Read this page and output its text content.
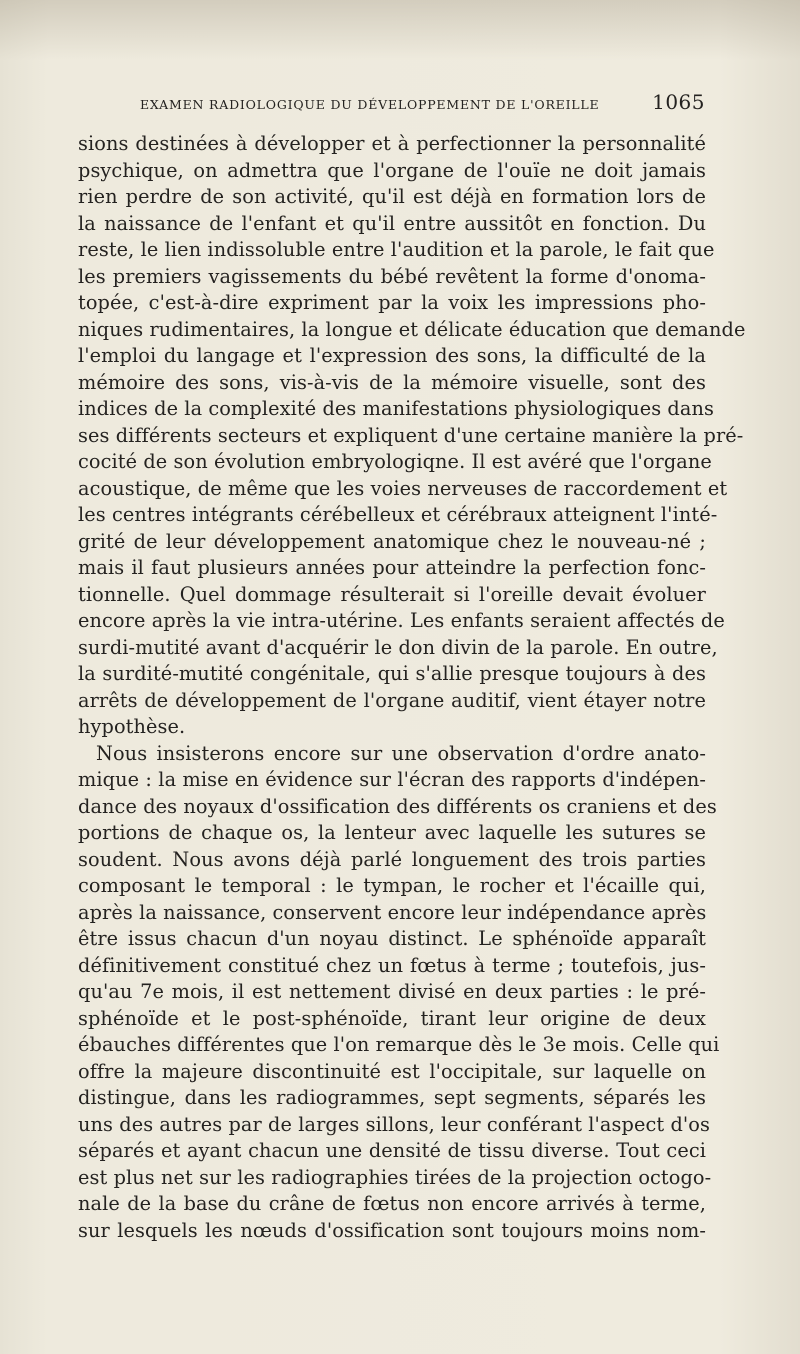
EXAMEN RADIOLOGIQUE DU DÉVELOPPEMENT DE L'OREILLE	1065
sions destinées à développer et à perfectionner la personnalité
psychique, on admettra que l'organe de l'ouïe ne doit jamais
rien perdre de son activité, qu'il est déjà en formation lors de
la naissance de l'enfant et qu'il entre aussitôt en fonction. Du
reste, le lien indissoluble entre l'audition et la parole, le fait que
les premiers vagissements du bébé revêtent la forme d'onoma-
topée, c'est-à-dire expriment par la voix les impressions pho-
niques rudimentaires, la longue et délicate éducation que demande
l'emploi du langage et l'expression des sons, la difficulté de la
mémoire des sons, vis-à-vis de la mémoire visuelle, sont des
indices de la complexité des manifestations physiologiques dans
ses différents secteurs et expliquent d'une certaine manière la pré-
cocité de son évolution embryologiqne. Il est avéré que l'organe
acoustique, de même que les voies nerveuses de raccordement et
les centres intégrants cérébelleux et cérébraux atteignent l'inté-
grité de leur développement anatomique chez le nouveau-né ;
mais il faut plusieurs années pour atteindre la perfection fonc-
tionnelle. Quel dommage résulterait si l'oreille devait évoluer
encore après la vie intra-utérine. Les enfants seraient affectés de
surdi-mutité avant d'acquérir le don divin de la parole. En outre,
la surdité-mutité congénitale, qui s'allie presque toujours à des
arrêts de développement de l'organe auditif, vient étayer notre
hypothèse.
Nous insisterons encore sur une observation d'ordre anato-
mique : la mise en évidence sur l'écran des rapports d'indépen-
dance des noyaux d'ossification des différents os craniens et des
portions de chaque os, la lenteur avec laquelle les sutures se
soudent. Nous avons déjà parlé longuement des trois parties
composant le temporal : le tympan, le rocher et l'écaille qui,
après la naissance, conservent encore leur indépendance après
être issus chacun d'un noyau distinct. Le sphénoïde apparaît
définitivement constitué chez un fœtus à terme ; toutefois, jus-
qu'au 7e mois, il est nettement divisé en deux parties : le pré-
sphénoïde et le post-sphénoïde, tirant leur origine de deux
ébauches différentes que l'on remarque dès le 3e mois. Celle qui
offre la majeure discontinuité est l'occipitale, sur laquelle on
distingue, dans les radiogrammes, sept segments, séparés les
uns des autres par de larges sillons, leur conférant l'aspect d'os
séparés et ayant chacun une densité de tissu diverse. Tout ceci
est plus net sur les radiographies tirées de la projection octogo-
nale de la base du crâne de fœtus non encore arrivés à terme,
sur lesquels les nœuds d'ossification sont toujours moins nom-
